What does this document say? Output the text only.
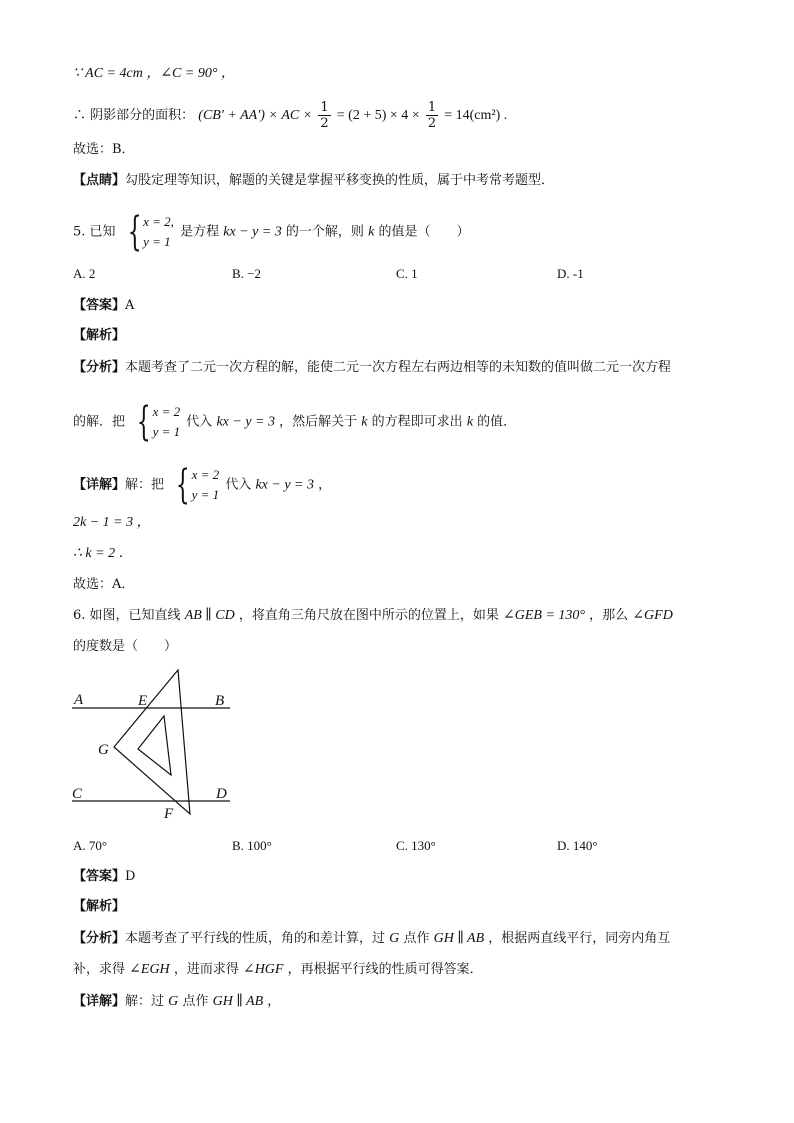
∵ AC = 4cm ，∠C = 90° ，
∴ 阴影部分的面积： (CB′ + AA′) × AC × $\frac{1}{2} = (2 + 5) \times 4 \times \frac{1}{2} = 14(cm^2)$ .
故选：B．
【点睛】勾股定理等知识，解题的关键是掌握平移变换的性质，属于中考常考题型．
5. 已知 { x = 2,
y = 1
是方程 kx − y = 3 的一个解，则 k 的值是（　　）
A. 2	B. −2	C. 1	D. -1
【答案】A
【解析】
【分析】本题考查了二元一次方程的解，能使二元一次方程左右两边相等的未知数的值叫做二元一次方程
的解．把 { x = 2
y = 1
代入 kx − y = 3 ，然后解关于 k 的方程即可求出 k 的值．
【详解】解：把 { x = 2
y = 1
代入 kx − y = 3 ，
2k − 1 = 3 ，
∴ k = 2 ．
故选：A．
6. 如图，已知直线 AB ∥ CD ，将直角三角尺放在图中所示的位置上，如果 ∠GEB = 130° ，那么 ∠GFD
的度数是（　　）
A	E	B
G
C	D
F
A. 70°	B. 100°	C. 130°	D. 140°
【答案】D
【解析】
【分析】本题考查了平行线的性质，角的和差计算，过 G 点作 GH ∥ AB ，根据两直线平行，同旁内角互
补，求得 ∠EGH ，进而求得 ∠HGF ，再根据平行线的性质可得答案．
【详解】解：过 G 点作 GH ∥ AB ，
